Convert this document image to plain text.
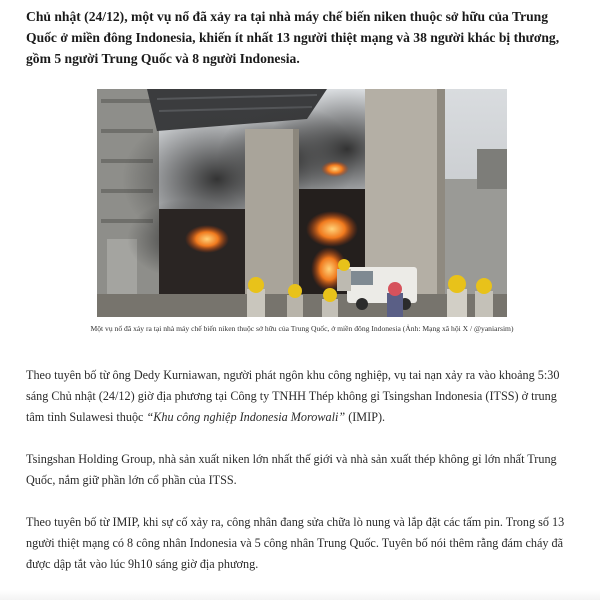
Chủ nhật (24/12), một vụ nổ đã xảy ra tại nhà máy chế biến niken thuộc sở hữu của Trung Quốc ở miền đông Indonesia, khiến ít nhất 13 người thiệt mạng và 38 người khác bị thương, gồm 5 người Trung Quốc và 8 người Indonesia.

Một vụ nổ đã xảy ra tại nhà máy chế biến niken thuộc sở hữu của Trung Quốc, ở miền đông Indonesia (Ảnh: Mạng xã hội X / @yaniarsim)

Theo tuyên bố từ ông Dedy Kurniawan, người phát ngôn khu công nghiệp, vụ tai nạn xảy ra vào khoảng 5:30 sáng Chủ nhật (24/12) giờ địa phương tại Công ty TNHH Thép không gỉ Tsingshan Indonesia (ITSS) ở trung tâm tỉnh Sulawesi thuộc “Khu công nghiệp Indonesia Morowali” (IMIP).

Tsingshan Holding Group, nhà sản xuất niken lớn nhất thế giới và nhà sản xuất thép không gỉ lớn nhất Trung Quốc, nắm giữ phần lớn cổ phần của ITSS.

Theo tuyên bố từ IMIP, khi sự cố xảy ra, công nhân đang sửa chữa lò nung và lắp đặt các tấm pin. Trong số 13 người thiệt mạng có 8 công nhân Indonesia và 5 công nhân Trung Quốc. Tuyên bố nói thêm rằng đám cháy đã được dập tắt vào lúc 9h10 sáng giờ địa phương.
